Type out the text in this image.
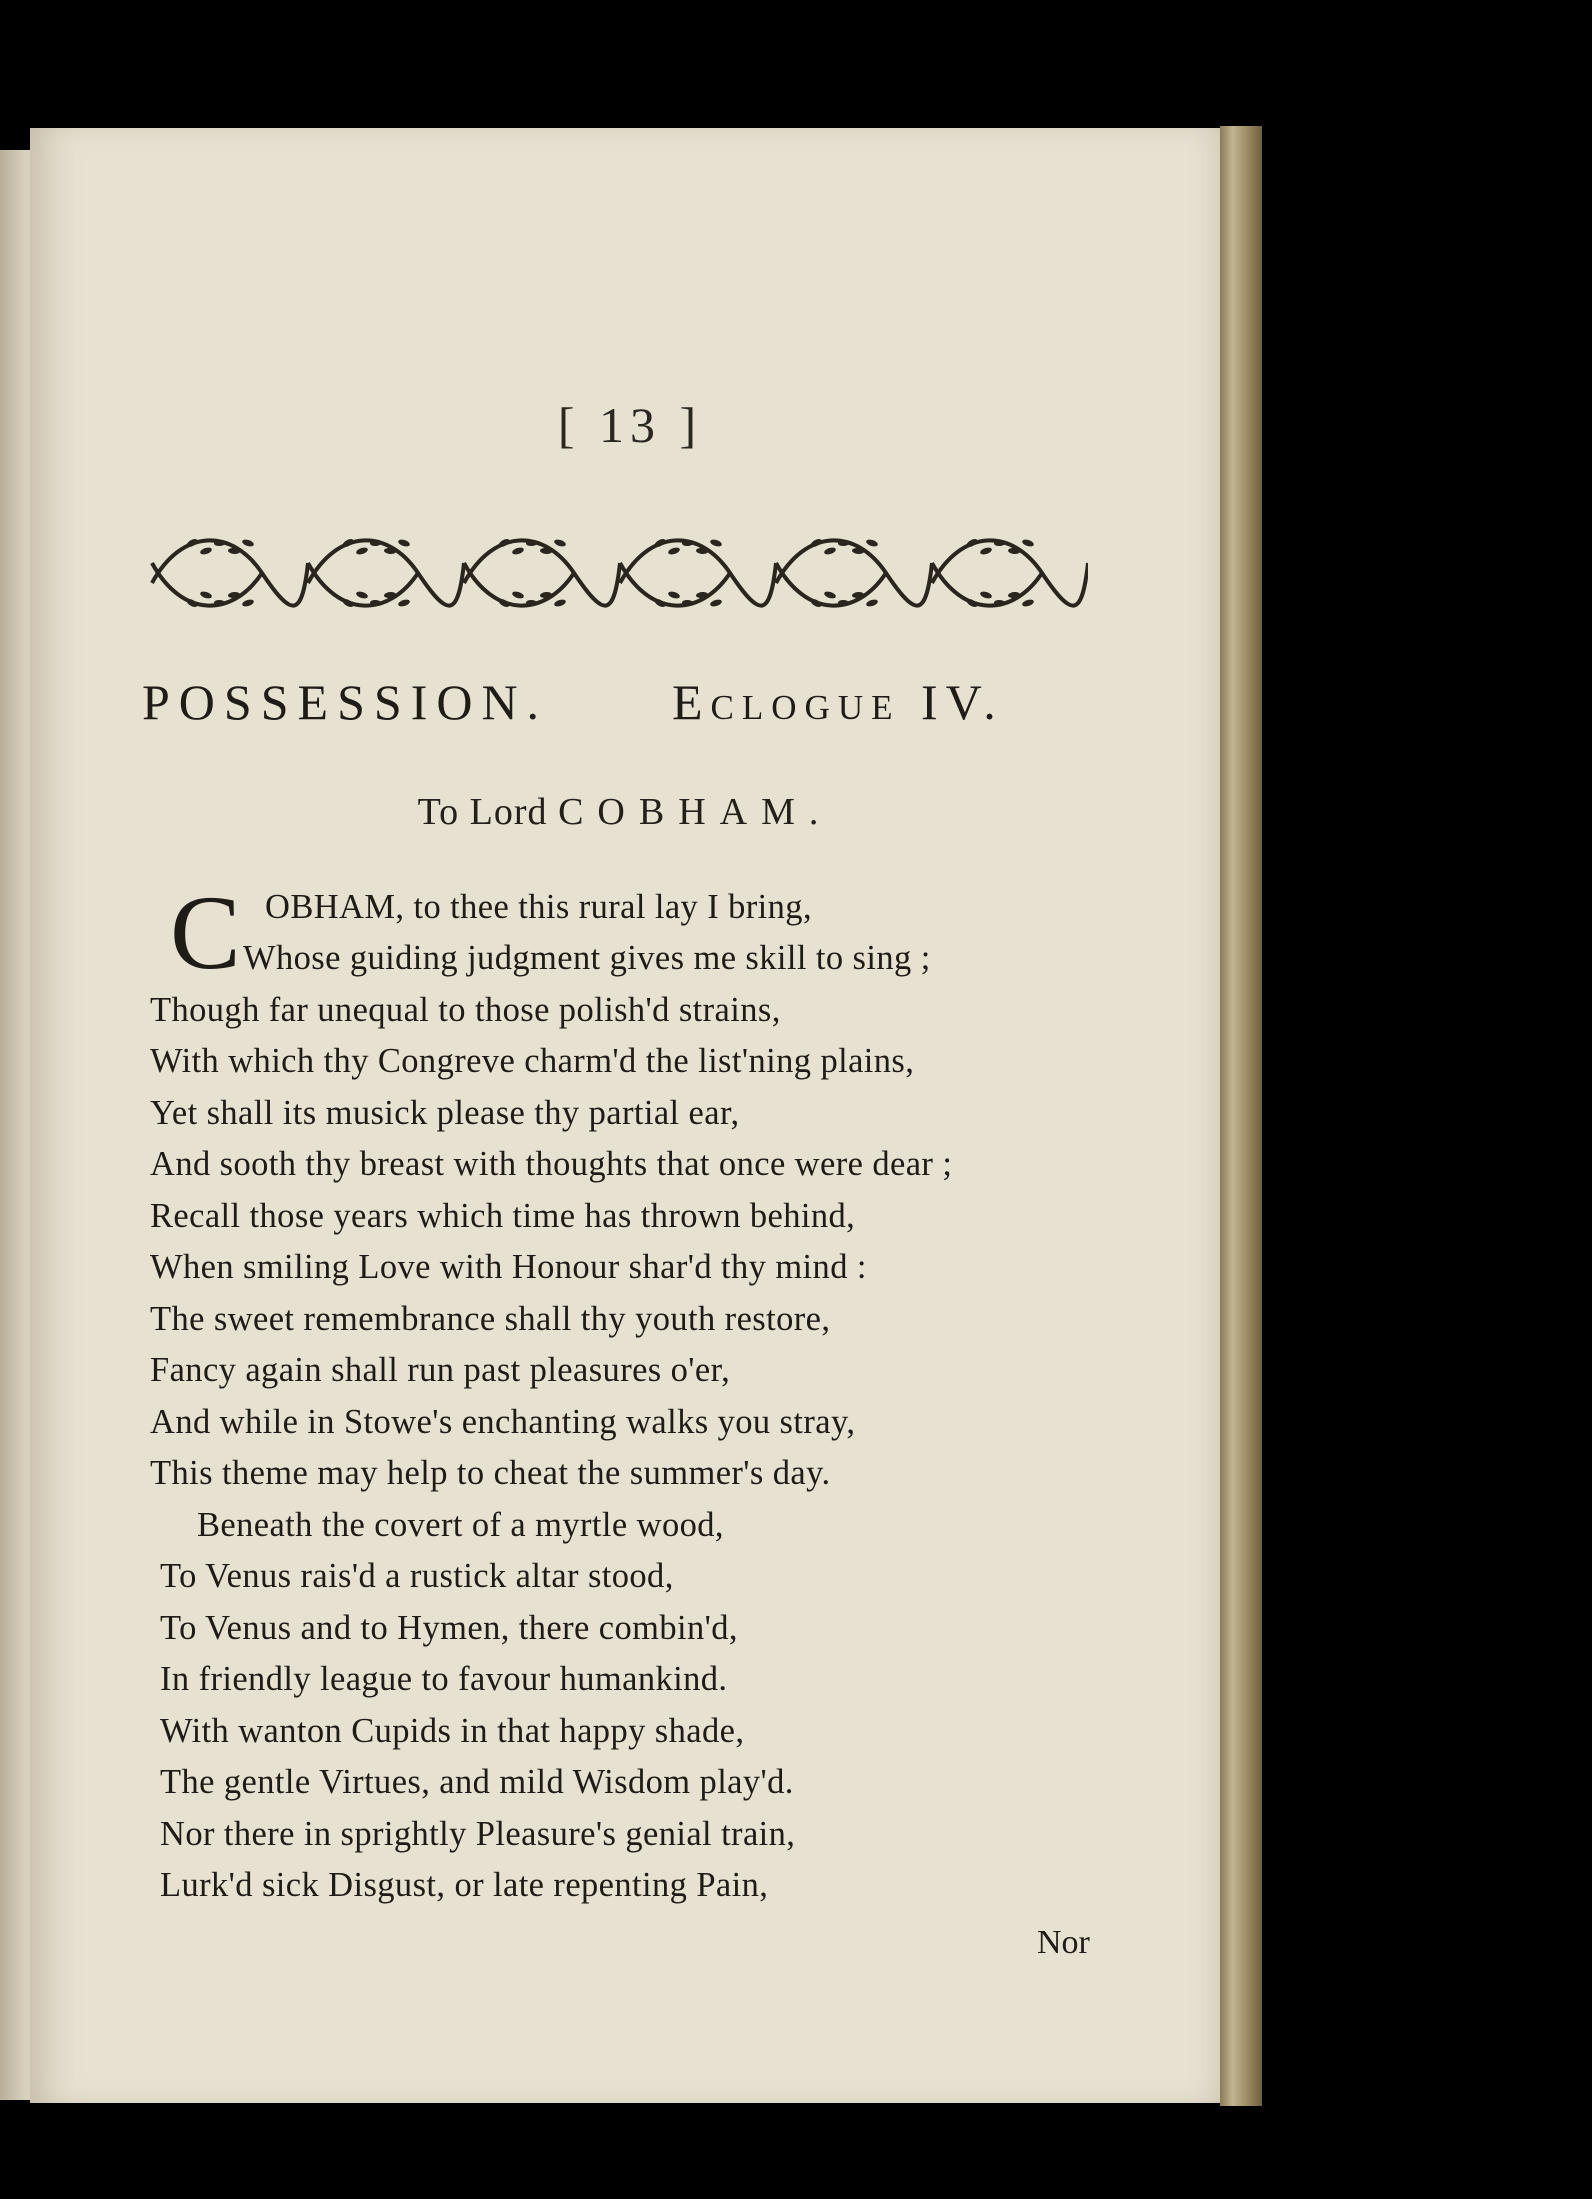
[ 13 ]
POSSESSION. Eclogue IV.
To Lord COBHAM.
C OBHAM, to thee this rural lay I bring,
Whose guiding judgment gives me skill to sing ;
Though far unequal to those polish'd strains,
With which thy Congreve charm'd the list'ning plains,
Yet shall its musick please thy partial ear,
And sooth thy breast with thoughts that once were dear ;
Recall those years which time has thrown behind,
When smiling Love with Honour shar'd thy mind :
The sweet remembrance shall thy youth restore,
Fancy again shall run past pleasures o'er,
And while in Stowe's enchanting walks you stray,
This theme may help to cheat the summer's day.
Beneath the covert of a myrtle wood,
To Venus rais'd a rustick altar stood,
To Venus and to Hymen, there combin'd,
In friendly league to favour humankind.
With wanton Cupids in that happy shade,
The gentle Virtues, and mild Wisdom play'd.
Nor there in sprightly Pleasure's genial train,
Lurk'd sick Disgust, or late repenting Pain,
Nor
